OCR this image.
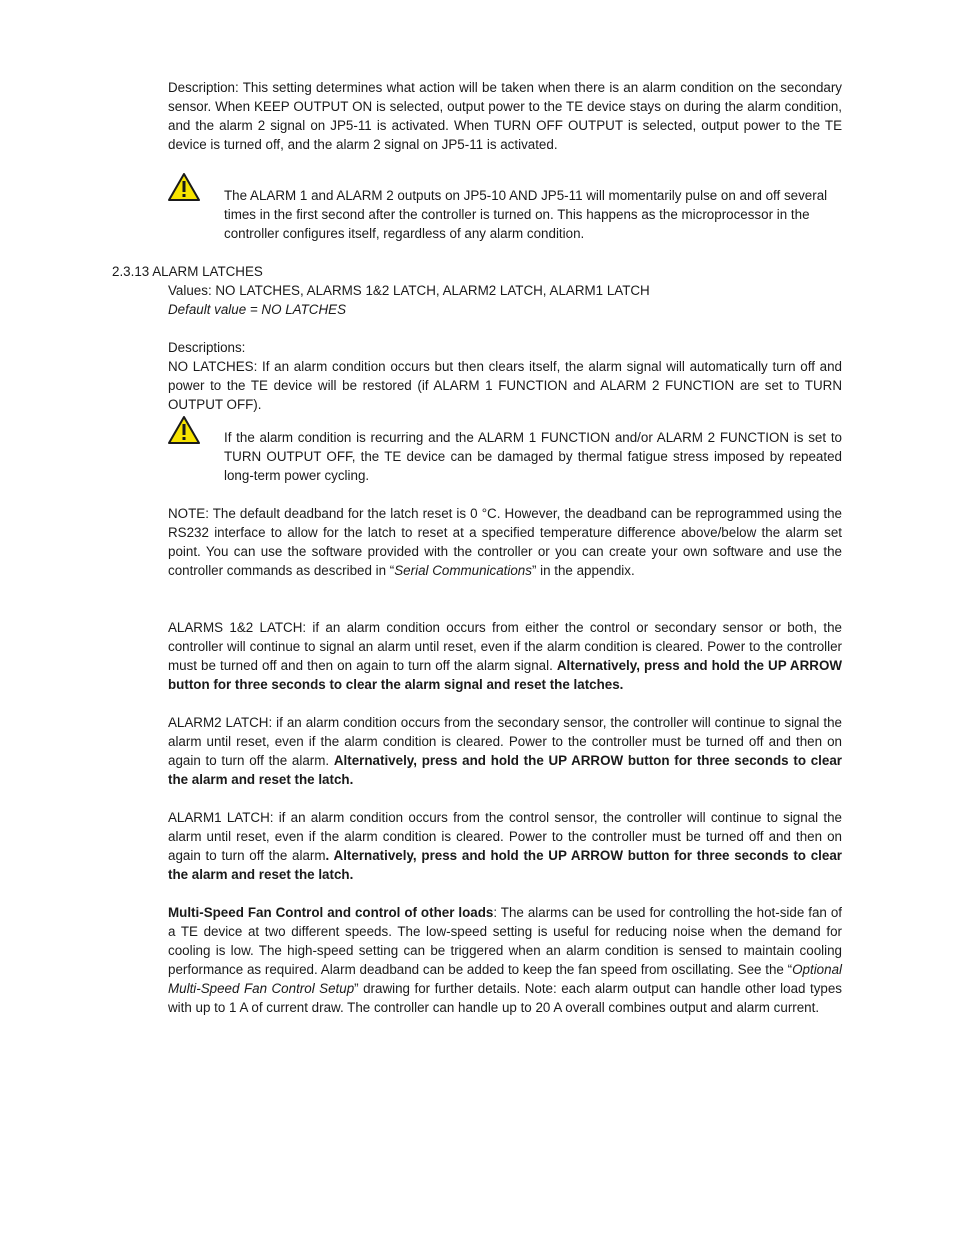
Description: This setting determines what action will be taken when there is an alarm condition on the secondary sensor. When KEEP OUTPUT ON is selected, output power to the TE device stays on during the alarm condition, and the alarm 2 signal on JP5-11 is activated. When TURN OFF OUTPUT is selected, output power to the TE device is turned off, and the alarm 2 signal on JP5-11 is activated.
The ALARM 1 and ALARM 2 outputs on JP5-10 AND JP5-11 will momentarily pulse on and off several times in the first second after the controller is turned on. This happens as the microprocessor in the controller configures itself, regardless of any alarm condition.
2.3.13 ALARM LATCHES
Values: NO LATCHES, ALARMS 1&2 LATCH, ALARM2 LATCH, ALARM1 LATCH
Default value = NO LATCHES
Descriptions:
NO LATCHES: If an alarm condition occurs but then clears itself, the alarm signal will automatically turn off and power to the TE device will be restored (if ALARM 1 FUNCTION and ALARM 2 FUNCTION are set to TURN OUTPUT OFF).
If the alarm condition is recurring and the ALARM 1 FUNCTION and/or ALARM 2 FUNCTION is set to TURN OUTPUT OFF, the TE device can be damaged by thermal fatigue stress imposed by repeated long-term power cycling.
NOTE: The default deadband for the latch reset is 0 °C. However, the deadband can be reprogrammed using the RS232 interface to allow for the latch to reset at a specified temperature difference above/below the alarm set point. You can use the software provided with the controller or you can create your own software and use the controller commands as described in “Serial Communications” in the appendix.
ALARMS 1&2 LATCH: if an alarm condition occurs from either the control or secondary sensor or both, the controller will continue to signal an alarm until reset, even if the alarm condition is cleared. Power to the controller must be turned off and then on again to turn off the alarm signal. Alternatively, press and hold the UP ARROW button for three seconds to clear the alarm signal and reset the latches.
ALARM2 LATCH: if an alarm condition occurs from the secondary sensor, the controller will continue to signal the alarm until reset, even if the alarm condition is cleared. Power to the controller must be turned off and then on again to turn off the alarm. Alternatively, press and hold the UP ARROW button for three seconds to clear the alarm and reset the latch.
ALARM1 LATCH: if an alarm condition occurs from the control sensor, the controller will continue to signal the alarm until reset, even if the alarm condition is cleared. Power to the controller must be turned off and then on again to turn off the alarm. Alternatively, press and hold the UP ARROW button for three seconds to clear the alarm and reset the latch.
Multi-Speed Fan Control and control of other loads: The alarms can be used for controlling the hot-side fan of a TE device at two different speeds. The low-speed setting is useful for reducing noise when the demand for cooling is low. The high-speed setting can be triggered when an alarm condition is sensed to maintain cooling performance as required. Alarm deadband can be added to keep the fan speed from oscillating. See the “Optional Multi-Speed Fan Control Setup” drawing for further details. Note: each alarm output can handle other load types with up to 1 A of current draw. The controller can handle up to 20 A overall combines output and alarm current.
